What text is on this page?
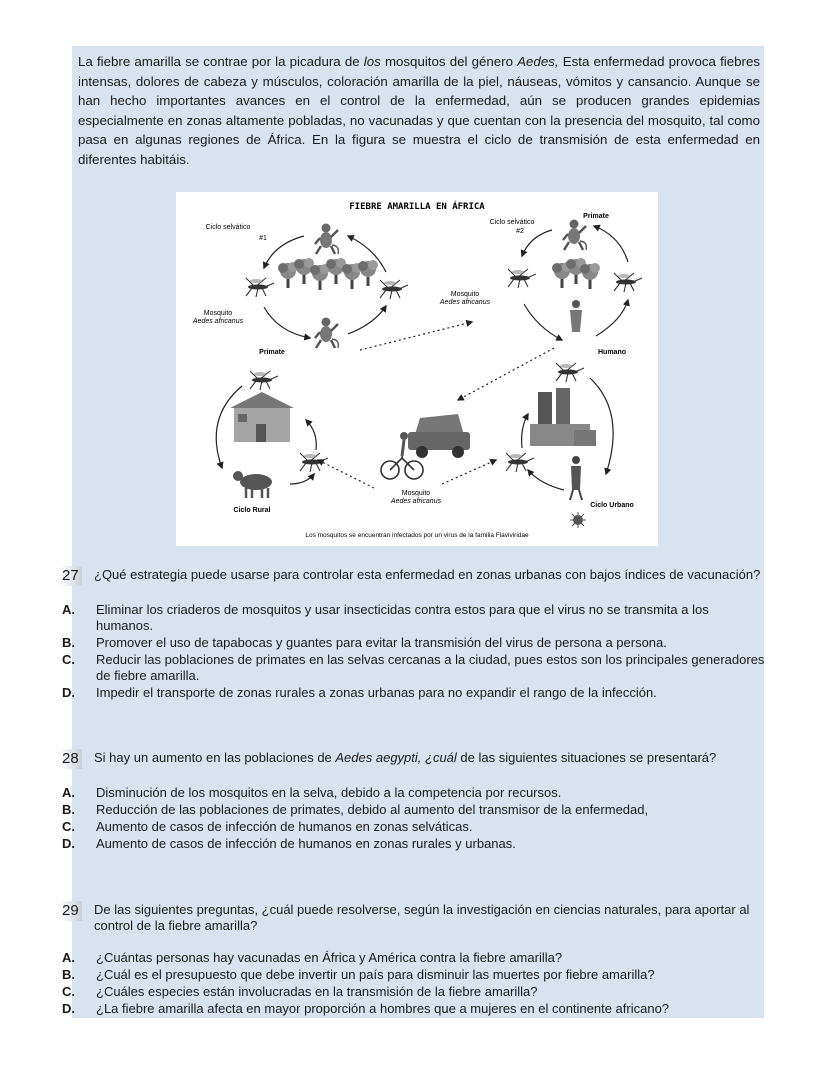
La fiebre amarilla se contrae por la picadura de los mosquitos del género Aedes, Esta enfermedad provoca fiebres intensas, dolores de cabeza y músculos, coloración amarilla de la piel, náuseas, vómitos y cansancio. Aunque se han hecho importantes avances en el control de la enfermedad, aún se producen grandes epidemias especialmente en zonas altamente pobladas, no vacunadas y que cuentan con la presencia del mosquito, tal como pasa en algunas regiones de África. En la figura se muestra el ciclo de transmisión de esta enfermedad en diferentes habitáis.

FIEBRE AMARILLA EN ÁFRICA
Ciclo selvático
#1
Ciclo selvático
#2
Primate
Mosquito
Aedes africanus
Primate
Mosquito
Aedes africanus
Humano
Mosquito
Aedes africanus
Ciclo Rural
Ciclo Urbano
Los mosquitos se encuentran infectados por un virus de la familia Flaviviridae
27 ¿Qué estrategia puede usarse para controlar esta enfermedad en zonas urbanas con bajos índices de vacunación?
A.	Eliminar los criaderos de mosquitos y usar insecticidas contra estos para que el virus no se transmita a los humanos.
B.	Promover el uso de tapabocas y guantes para evitar la transmisión del virus de persona a persona.
C.	Reducir las poblaciones de primates en las selvas cercanas a la ciudad, pues estos son los principales generadores de fiebre amarilla.
D.	Impedir el transporte de zonas rurales a zonas urbanas para no expandir el rango de la infección.
28 Si hay un aumento en las poblaciones de Aedes aegypti, ¿cuál de las siguientes situaciones se presentará?
A.	Disminución de los mosquitos en la selva, debido a la competencia por recursos.
B.	Reducción de las poblaciones de primates, debido al aumento del transmisor de la enfermedad,
C.	Aumento de casos de infección de humanos en zonas selváticas.
D.	Aumento de casos de infección de humanos en zonas rurales y urbanas.
29 De las siguientes preguntas, ¿cuál puede resolverse, según la investigación en ciencias naturales, para aportar al control de la fiebre amarilla?
A.	¿Cuántas personas hay vacunadas en África y América contra la fiebre amarilla?
B.	¿Cuál es el presupuesto que debe invertir un país para disminuir las muertes por fiebre amarilla?
C.	¿Cuáles especies están involucradas en la transmisión de la fiebre amarilla?
D.	¿La fiebre amarilla afecta en mayor proporción a hombres que a mujeres en el continente africano?
